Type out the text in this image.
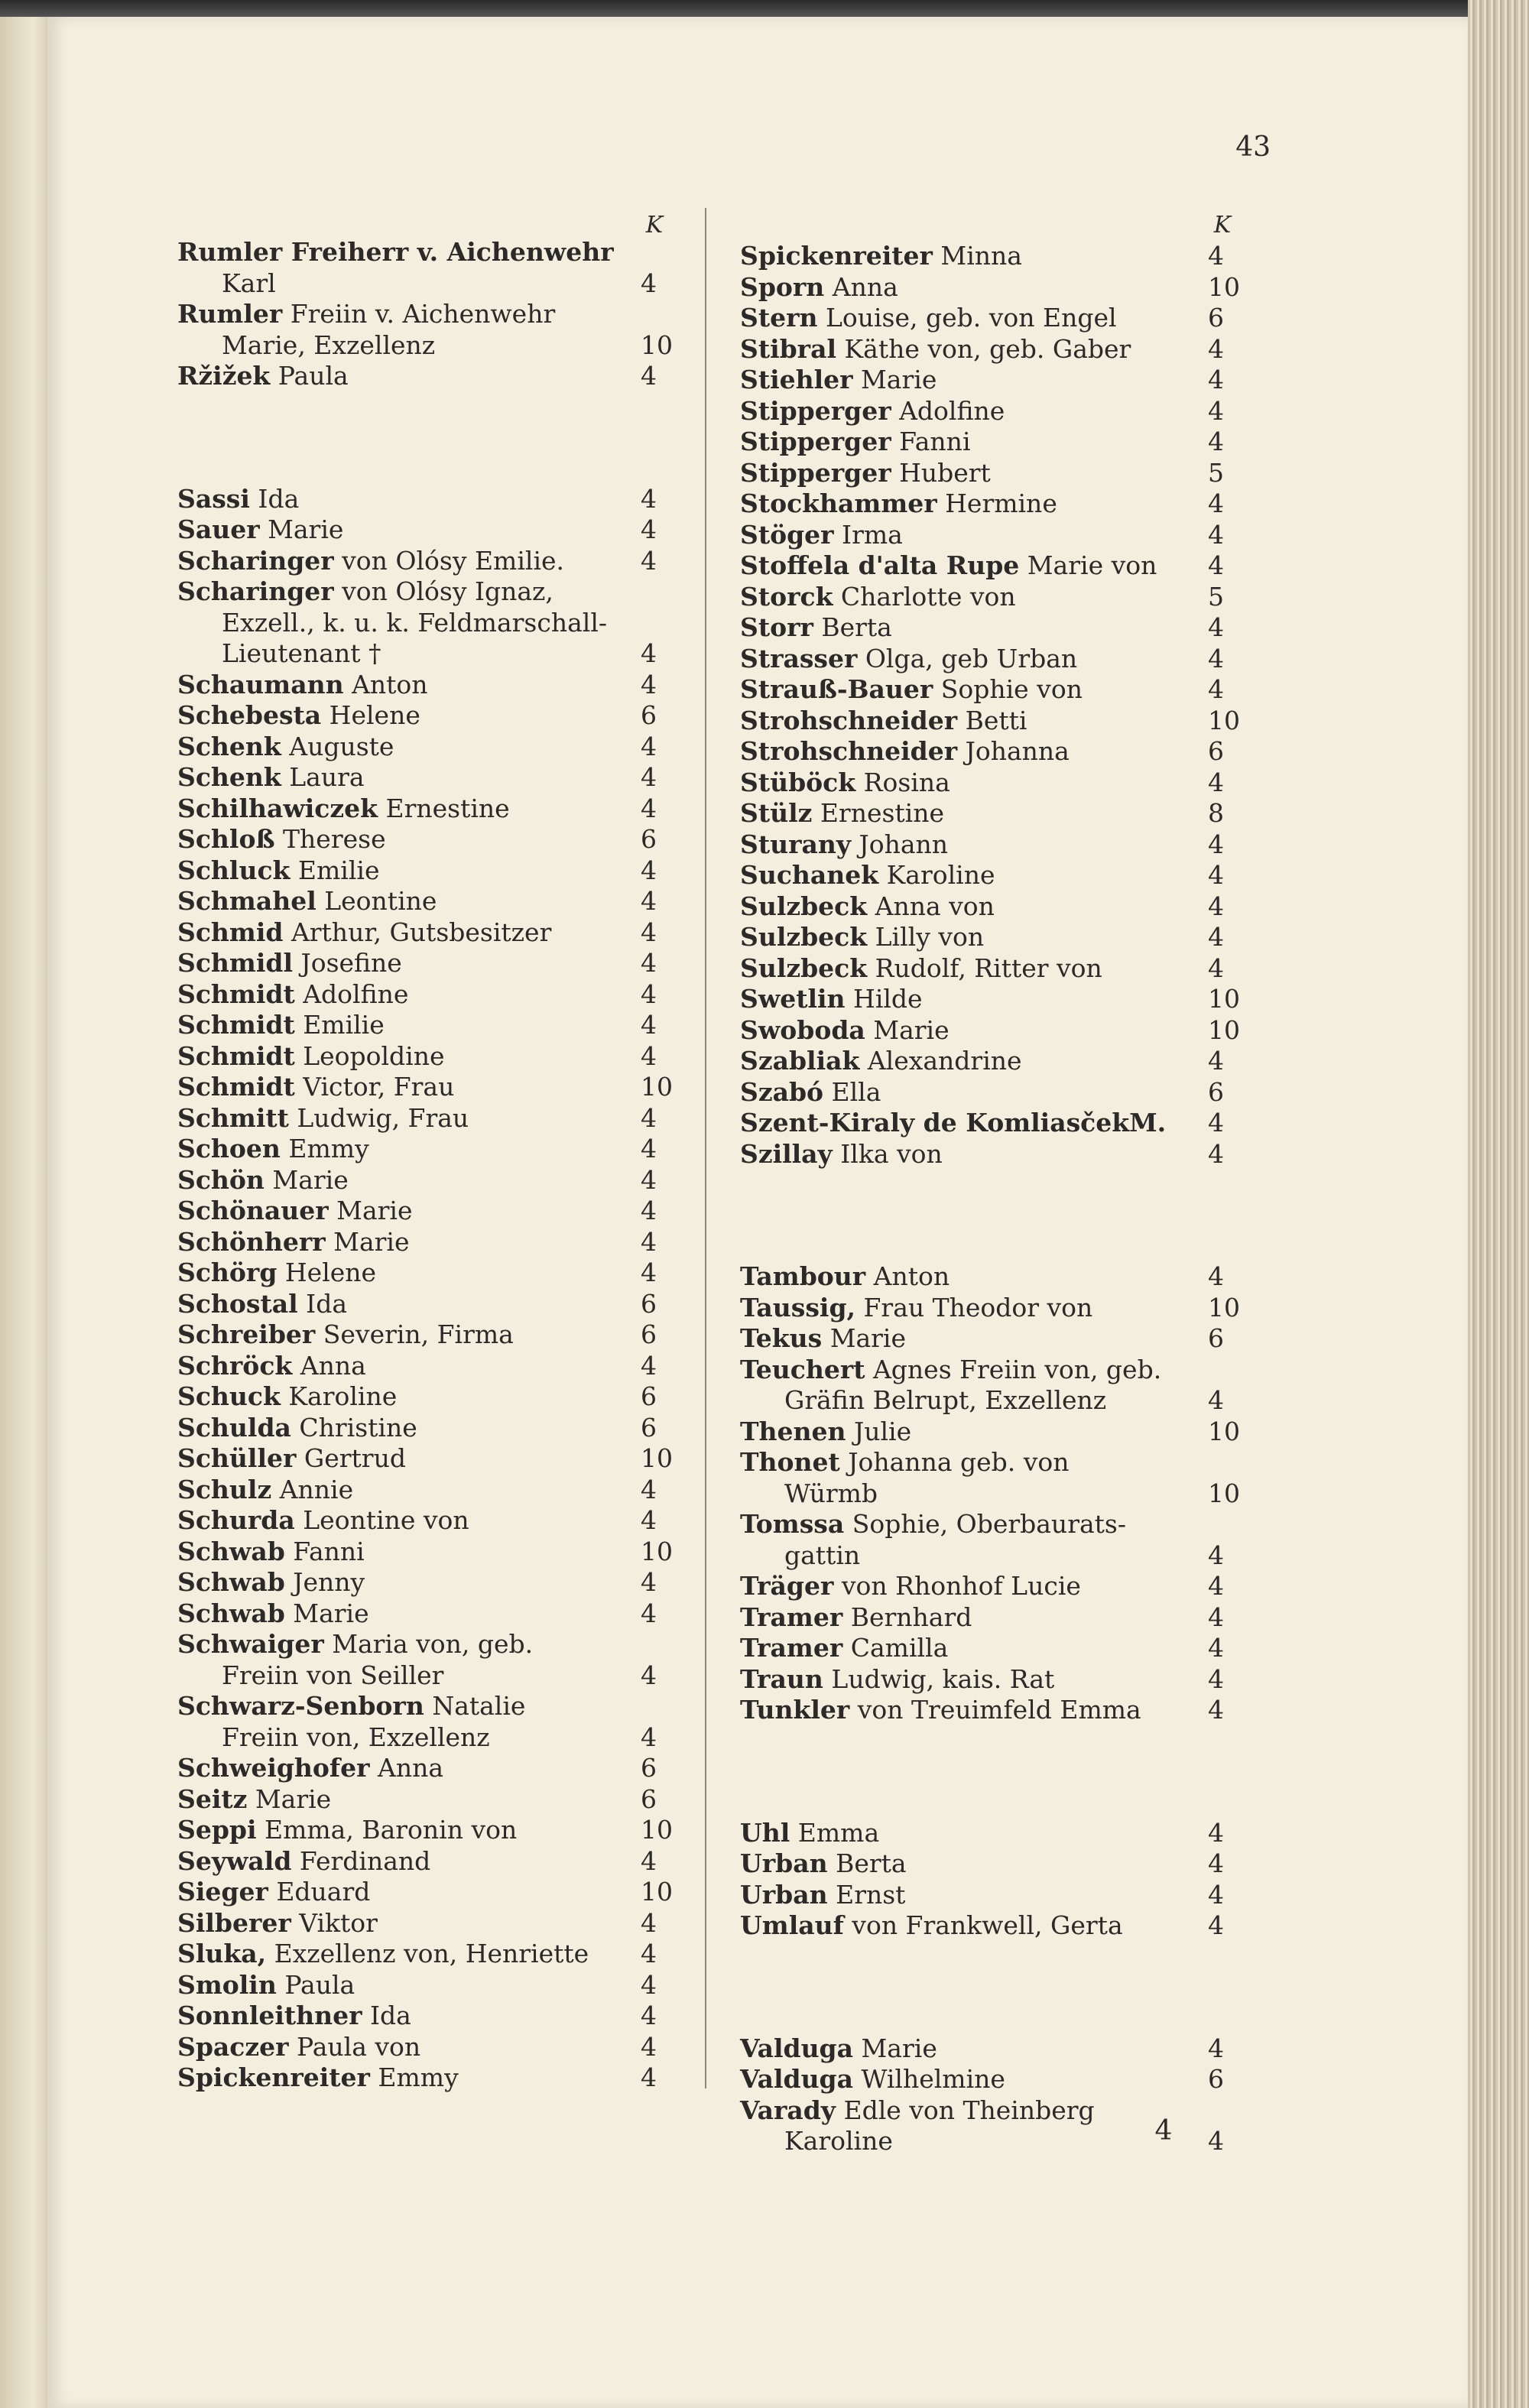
43
K	K
Rumler Freiherr v. Aichenwehr
Karl	4
Rumler Freiin v. Aichenwehr
Marie, Exzellenz	10
Ržižek Paula	4
Sassi Ida	4
Sauer Marie	4
Scharinger von Olósy Emilie.	4
Scharinger von Olósy Ignaz,
Exzell., k. u. k. Feldmarschall-
Lieutenant †	4
Schaumann Anton	4
Schebesta Helene	6
Schenk Auguste	4
Schenk Laura	4
Schilhawiczek Ernestine	4
Schloß Therese	6
Schluck Emilie	4
Schmahel Leontine	4
Schmid Arthur, Gutsbesitzer	4
Schmidl Josefine	4
Schmidt Adolfine	4
Schmidt Emilie	4
Schmidt Leopoldine	4
Schmidt Victor, Frau	10
Schmitt Ludwig, Frau	4
Schoen Emmy	4
Schön Marie	4
Schönauer Marie	4
Schönherr Marie	4
Schörg Helene	4
Schostal Ida	6
Schreiber Severin, Firma	6
Schröck Anna	4
Schuck Karoline	6
Schulda Christine	6
Schüller Gertrud	10
Schulz Annie	4
Schurda Leontine von	4
Schwab Fanni	10
Schwab Jenny	4
Schwab Marie	4
Schwaiger Maria von, geb.
Freiin von Seiller	4
Schwarz-Senborn Natalie
Freiin von, Exzellenz	4
Schweighofer Anna	6
Seitz Marie	6
Seppi Emma, Baronin von	10
Seywald Ferdinand	4
Sieger Eduard	10
Silberer Viktor	4
Sluka, Exzellenz von, Henriette 4
Smolin Paula	4
Sonnleithner Ida	4
Spaczer Paula von	4
Spickenreiter Emmy	4
Spickenreiter Minna	4
Sporn Anna	10
Stern Louise, geb. von Engel	6
Stibral Käthe von, geb. Gaber	4
Stiehler Marie	4
Stipperger Adolfine	4
Stipperger Fanni	4
Stipperger Hubert	5
Stockhammer Hermine	4
Stöger Irma	4
Stoffela d'alta Rupe Marie von 4
Storck Charlotte von	5
Storr Berta	4
Strasser Olga, geb Urban	4
Strauß-Bauer Sophie von	4
Strohschneider Betti	10
Strohschneider Johanna	6
Stüböck Rosina	4
Stülz Ernestine	8
Sturany Johann	4
Suchanek Karoline	4
Sulzbeck Anna von	4
Sulzbeck Lilly von	4
Sulzbeck Rudolf, Ritter von	4
Swetlin Hilde	10
Swoboda Marie	10
Szabliak Alexandrine	4
Szabó Ella	6
Szent-Kiraly de KomliasčekM. 4
Szillay Ilka von	4
Tambour Anton	4
Taussig, Frau Theodor von	10
Tekus Marie	6
Teuchert Agnes Freiin von, geb.
Gräfin Belrupt, Exzellenz	4
Thenen Julie	10
Thonet Johanna geb. von
Würmb	10
Tomssa Sophie, Oberbaurats-
gattin	4
Träger von Rhonhof Lucie	4
Tramer Bernhard	4
Tramer Camilla	4
Traun Ludwig, kais. Rat	4
Tunkler von Treuimfeld Emma	4
Uhl Emma	4
Urban Berta	4
Urban Ernst	4
Umlauf von Frankwell, Gerta	4
Valduga Marie	4
Valduga Wilhelmine	6
Varady Edle von Theinberg
Karoline	4
4
